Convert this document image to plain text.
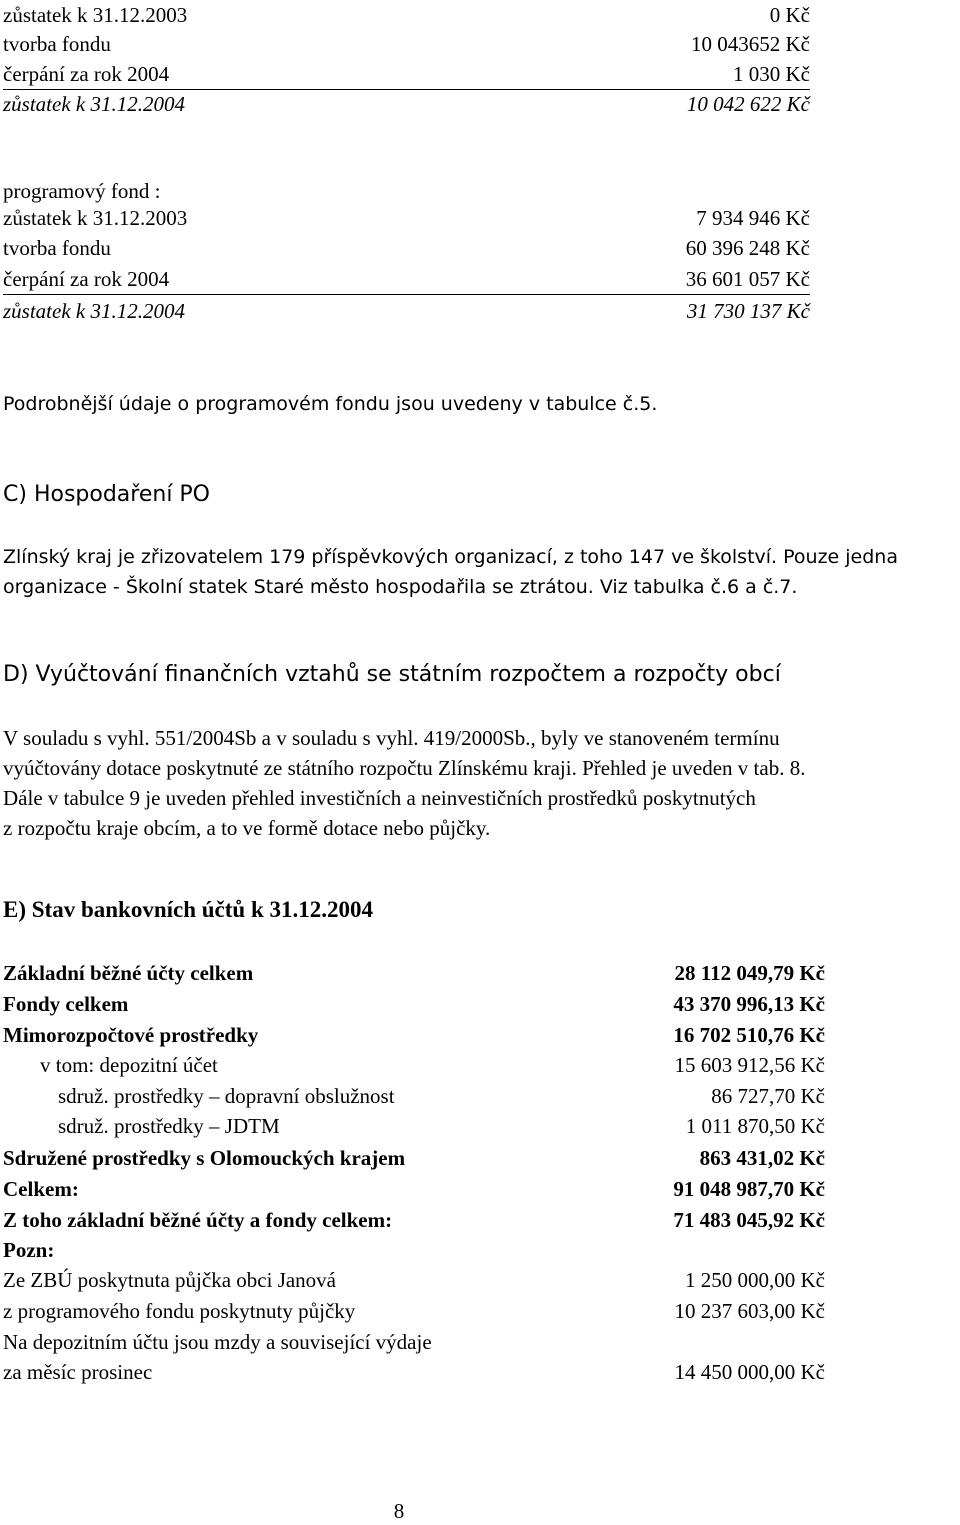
zůstatek k 31.12.2003	0 Kč
tvorba fondu	10 043652 Kč
čerpání za rok 2004	1 030 Kč
zůstatek k 31.12.2004	10 042 622 Kč
programový fond :
zůstatek k 31.12.2003	7 934 946 Kč
tvorba fondu	60 396 248 Kč
čerpání za rok 2004	36 601 057 Kč
zůstatek k 31.12.2004	31 730 137 Kč
Podrobnější údaje o programovém fondu jsou uvedeny v tabulce č.5.
C) Hospodaření PO
Zlínský kraj je zřizovatelem 179 příspěvkových organizací, z toho 147 ve školství. Pouze jedna
organizace - Školní statek Staré město hospodařila se ztrátou. Viz tabulka č.6 a č.7.
D) Vyúčtování finančních vztahů se státním rozpočtem a rozpočty obcí
V souladu s vyhl. 551/2004Sb a v souladu s vyhl. 419/2000Sb., byly ve stanoveném termínu
vyúčtovány dotace poskytnuté ze státního rozpočtu Zlínskému kraji. Přehled je uveden v tab. 8.
Dále v tabulce 9 je uveden přehled investičních a neinvestičních prostředků poskytnutých
z rozpočtu kraje obcím, a to ve formě dotace nebo půjčky.
E) Stav bankovních účtů k 31.12.2004
Základní běžné účty celkem	28 112 049,79 Kč
Fondy celkem	43 370 996,13 Kč
Mimorozpočtové prostředky	16 702 510,76 Kč
v tom: depozitní účet	15 603 912,56 Kč
sdruž. prostředky – dopravní obslužnost	86 727,70 Kč
sdruž. prostředky – JDTM	1 011 870,50 Kč
Sdružené prostředky s Olomouckých krajem	863 431,02 Kč
Celkem:	91 048 987,70 Kč
Z toho základní běžné účty a fondy celkem:	71 483 045,92 Kč
Pozn:
Ze ZBÚ poskytnuta půjčka obci Janová	1 250 000,00 Kč
z programového fondu poskytnuty půjčky	10 237 603,00 Kč
Na depozitním účtu jsou mzdy a související výdaje
za měsíc prosinec	14 450 000,00 Kč
8
